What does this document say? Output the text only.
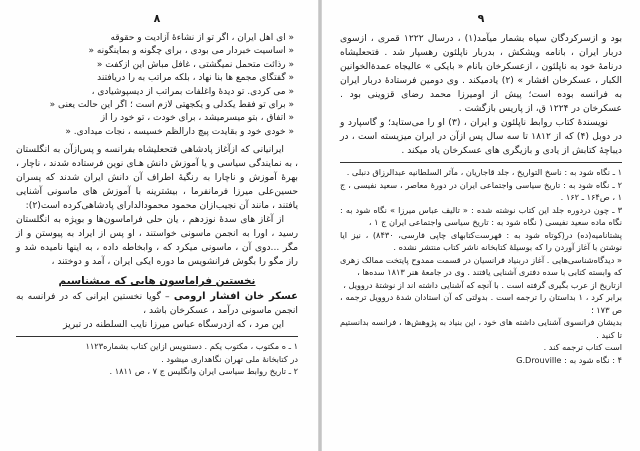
٨
« ای اهل ایران ، اگر تو از نشاءهٔ آزادیت و حقوقه
« اساسیت خبردار می بودی ، برای چگونه و بماینگونه «
« رذائت متحمل نمیگشتی ، غافل مباش این ازکفت «
« گفتگای مجمع ها بنا نهاد ، بلكه مراتب به را دریافتند
« می کردی. تو دیدهٔ واغلفات بمراتب از دیسپوشیادی ،
« برای تو فقط یکدلی و یکجهتی لازم است ؛ اگر این حالت یعنی «
« اتفاق ، بتو میسرمیشد ، برای خودت ، تو خود را از
« خودی خود و بقایدت پیچ دارالظم خسیسه ، نجات میدادی. «

ایرانیانی که ازآغاز پادشاهی فتحعلیشاه بفرانسه و پس‌ازآن به انگلستان ، به نمایندگی سیاسی و یا آموزش دانش هـای نوین فرستاده شدند ، ناچار ، بهرهٔ آموزش و ناچارا به رنگیهٔ اطراف آن دانش ایران شدند که پسران حسین‌علی میرزا فرمانفرما ، بیشترینه با آموزش های ماسونی آشنایی یافتند ، مانند آن نجیب‌ازان محمود محمودالدارای پادشاهی‌کرده است(۲):

از آغاز های سدهٔ نوزدهم ، یان حلی فراماسون‌ها و بویژه به انگلستان رسید ، اورا به انجمن ماسونی خواستند ، او پس از ایراد به پیوستن و از مگر ...دوی آن ، ماسونی میکرد که ، وابخاطه داده ، به اینها نامیده شد و راز مگو را بگوش فرانشویس ما دوره ایکی ایران ، آمد و دوختند ،

نخستین فراماسون هایی که میشناسیم

عسکر خان افشار ارومی – گویا نخستین ایرانی که در فرانسه به انجمن ماسونی درآمد ، عسکرخان باشد ،

این مرد ، که ازدرسگاه عباس میرزا نایب السلطنه در تبریز

۱ ـ ه مکتوب ، مکتوب یکم . دستنویس ازاین کتاب بشماره‌۱۱۲۳

در کتابخانهٔ ملی تهران نگاهداری میشود .

۲ ـ تاریخ روابط سیاسی ایران وانگلیس ج ۷ ، ص ۱۸۱۱ .

۹

بود و ازسرکردگان سپاه بشمار میآمد(۱) ، درسال ۱۲۲۲ قمری ، ازسوی دربار ایران ، بانامه ویشکش ، بدربار ناپلئون رهسپار شد . فتحعلیشاه درنامهٔ خود به ناپلئون ، ازعسکرخان بانام « بایکی » عالیجاه عمدةالخوانین الکبار ، عسکرخان افشار » (۲) یادمیکند . وی دومین فرستادهٔ دربار ایران به فرانسه بوده است؛ پیش از اومیرزا محمد رضای قزوینی بود . عسکرخان در ۱۲۲۴ ق، از پاریس بازگشت .

نویسندهٔ کتاب روابط ناپلئون و ایران ، (۳) او را می‌ستاید؛ و گاسپارد و در دوبل (۴) که از ۱۸۱۲ تا سه سال پس ازآن در ایران میزیسته است ، در دیباچهٔ کتابش از یادی و بازیگری های عسکرخان یاد میکند .

۱ ـ نگاه شود به : ناسخ التواریخ ، جلد قاجاریان ، مآثر السلطانیه عبدالرزاق دنبلی .

۲ ـ نگاه شود به : تاریخ سیاسی واجتماعی ایران در دورهٔ معاصر ، سعید نفیسی ، ج ۱ ، ص۱۶۴ ـ ۱۶۲ .

۳ ـ چون دردوره جلد این کتاب نوشته شده : « تالیف عباس میرزا » نگاه شود به : نگاه ماده سعید نفیسی ( نگاه شود به : تاریخ سیاسی واجتماعی ایران ج ۱ ،

پشتانامیه(ده) در(کوتاه شود به : فهرست‌کتابهای چاپی فارسی، ۸۴۳۰) ، نیز ایا نوشتن با آغاز آوردن را که بوسیلهٔ کتابخانه ناشر کتاب منتشر نشده .

« دیدگاه‌شناسی‌هایی . آغاز دربنیاد فرانسیان در قسمت ممدوح پایتخت ممالک زهری که وابسته کتابی با سده دفتری آشنایی یافتند . وی در جامعهٔ هنر ۱۸۱۳ سده‌ها ،

ازتاریخ از عرب بگیری گرفته است . با آنچه که آشنایی داشته اند از نوشتهٔ دروویل ،

برابر کرد ، ۱ بداستان را ترجمه است . بدولتی که آن استادان شدهٔ دروویل ترجمه ، ص ۱۷۳ ؛

بدیشان فرانسوی آشنایی داشته های خود ، این بنیاد به پژوهش‌ها ، فرانسه بدانستیم تا کنید .

است کتاب ترجمه کند .

۴ : نگاه شود به : G.Drouville
